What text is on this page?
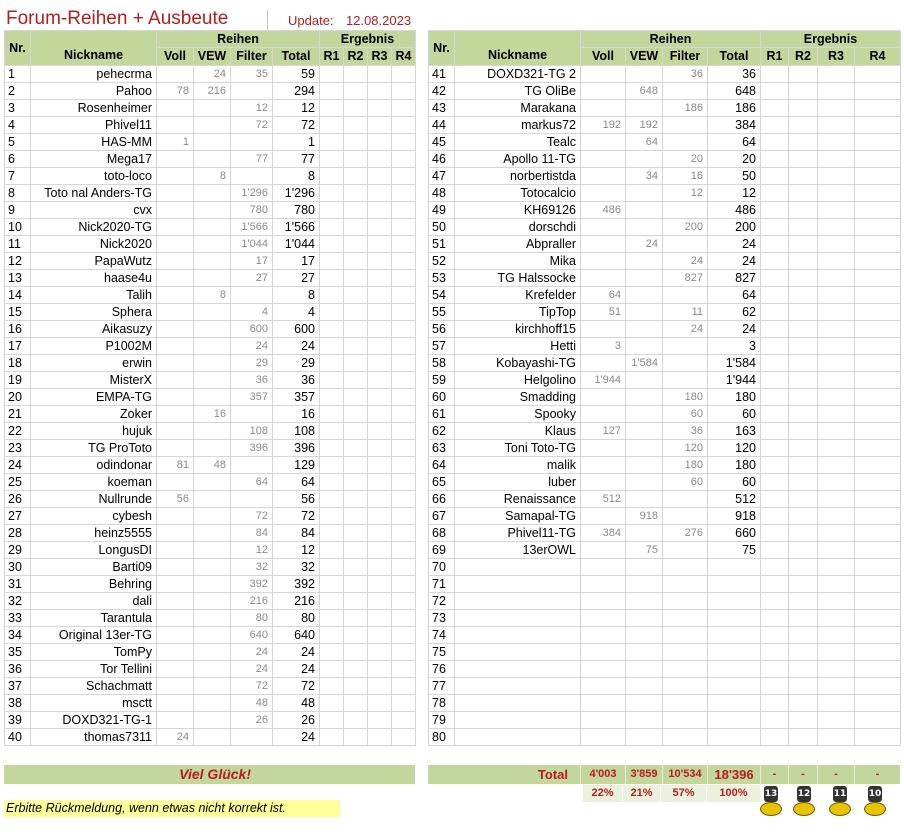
Forum-Reihen + Ausbeute	Update: 12.08.2023
Nr.	Nickname	Reihen				Ergebnis			
		Voll	VEW	Filter	Total	R1	R2	R3	R4
1	pehecrma		24	35	59				
2	Pahoo	78	216		294				
3	Rosenheimer			12	12				
4	Phivel11			72	72				
5	HAS-MM	1			1				
6	Mega17			77	77				
7	toto-loco		8		8				
8	Toto nal Anders-TG			1'296	1'296				
9	cvx			780	780				
10	Nick2020-TG			1'566	1'566				
11	Nick2020			1'044	1'044				
12	PapaWutz			17	17				
13	haase4u			27	27				
14	Talih		8		8				
15	Sphera			4	4				
16	Aikasuzy			600	600				
17	P1002M			24	24				
18	erwin			29	29				
19	MisterX			36	36				
20	EMPA-TG			357	357				
21	Zoker		16		16				
22	hujuk			108	108				
23	TG ProToto			396	396				
24	odindonar	81	48		129				
25	koeman			64	64				
26	Nullrunde	56			56				
27	cybesh			72	72				
28	heinz5555			84	84				
29	LongusDI			12	12				
30	Barti09			32	32				
31	Behring			392	392				
32	dali			216	216				
33	Tarantula			80	80				
34	Original 13er-TG			640	640				
35	TomPy			24	24				
36	Tor Tellini			24	24				
37	Schachmatt			72	72				
38	msctt			48	48				
39	DOXD321-TG-1			26	26				
40	thomas7311	24			24				
Nr.	Nickname	Reihen				Ergebnis			
		Voll	VEW	Filter	Total	R1	R2	R3	R4
41	DOXD321-TG 2			36	36				
42	TG OliBe		648		648				
43	Marakana			186	186				
44	markus72	192	192		384				
45	Tealc		64		64				
46	Apollo 11-TG			20	20				
47	norbertistda		34	16	50				
48	Totocalcio			12	12				
49	KH69126	486			486				
50	dorschdi			200	200				
51	Abpraller		24		24				
52	Mika			24	24				
53	TG Halssocke			827	827				
54	Krefelder	64			64				
55	TipTop	51		11	62				
56	kirchhoff15			24	24				
57	Hetti	3			3				
58	Kobayashi-TG		1'584		1'584				
59	Helgolino	1'944			1'944				
60	Smadding			180	180				
61	Spooky			60	60				
62	Klaus	127		36	163				
63	Toni Toto-TG			120	120				
64	malik			180	180				
65	luber			60	60				
66	Renaissance	512			512				
67	Samapal-TG		918		918				
68	Phivel11-TG	384		276	660				
69	13erOWL		75		75				
70									
71									
72									
73									
74									
75									
76									
77									
78									
79									
80									
Viel Glück!	Total	4'003	3'859 10'534 18'396	-	-	-	-
22%	21%	57%	100%
Erbitte Rückmeldung, wenn etwas nicht korrekt ist.
13 12	11 10
